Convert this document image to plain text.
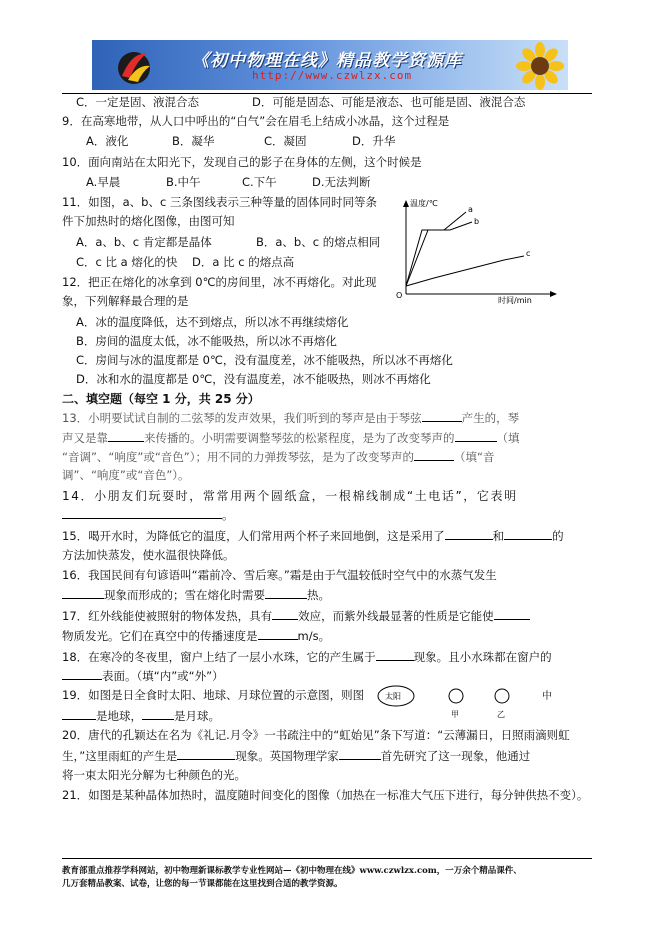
《初中物理在线》精品教学资源库
http://www.czwlzx.com
C．一定是固、液混合态	D．可能是固态、可能是液态、也可能是固、液混合态
9．在高寒地带，从人口中呼出的“白气”会在眉毛上结成小冰晶，这个过程是
A．液化	B．凝华	C．凝固	D．升华
10．面向南站在太阳光下，发现自己的影子在身体的左侧，这个时候是
A.早晨	B.中午	C.下午	D.无法判断
11．如图，a、b、c 三条图线表示三种等量的固体同时同等条
件下加热时的熔化图像，由图可知
A．a、b、c 肯定都是晶体	B．a、b、c 的熔点相同
C．c 比 a 熔化的快 D．a 比 c 的熔点高
温度/℃
时间/min
O
a
b
c
12．把正在熔化的冰拿到 0℃的房间里，冰不再熔化。对此现
象，下列解释最合理的是
A．冰的温度降低，达不到熔点，所以冰不再继续熔化
B．房间的温度太低，冰不能吸热，所以冰不再熔化
C．房间与冰的温度都是 0℃，没有温度差，冰不能吸热，所以冰不再熔化
D．冰和水的温度都是 0℃，没有温度差，冰不能吸热，则冰不再熔化
二、填空题（每空 1 分，共 25 分）
13．小明要试试自制的二弦琴的发声效果，我们听到的琴声是由于琴弦	产生的，琴
声又是靠	来传播的。小明需要调整琴弦的松紧程度，是为了改变琴声的	（填
“音调”、“响度”或“音色”）；用不同的力弹拨琴弦，是为了改变琴声的	（填“音
调”、“响度”或“音色”）。
14．小朋友们玩耍时，常常用两个圆纸盒，一根棉线制成“土电话”，它表明
。
15．喝开水时，为降低它的温度，人们常用两个杯子来回地倒，这是采用了	和	的
方法加快蒸发，使水温很快降低。
16．我国民间有句谚语叫“霜前冷、雪后寒。”霜是由于气温较低时空气中的水蒸气发生
现象而形成的；雪在熔化时需要	热。
17．红外线能使被照射的物体发热，具有 效应，而紫外线最显著的性质是它能使
物质发光。它们在真空中的传播速度是	m/s。
18．在寒冷的冬夜里，窗户上结了一层小水珠，它的产生属于	现象。且小水珠都在窗户的
表面。（填“内”或“外”）
19．如图是日全食时太阳、地球、月球位置的示意图，则图
是地球，	是月球。
太阳
甲	乙
中
20．唐代的孔颖达在名为《礼记.月令》一书疏注中的“虹始见”条下写道：“云薄漏日，日照雨滴则虹
生，”这里雨虹的产生是	现象。英国物理学家	首先研究了这一现象，他通过
将一束太阳光分解为七种颜色的光。
21．如图是某种晶体加热时，温度随时间变化的图像（加热在一标准大气压下进行，每分钟供热不变）。
教育部重点推荐学科网站，初中物理新课标教学专业性网站—《初中物理在线》www.czwlzx.com，一万余个精品课件、
几万套精品教案、试卷，让您的每一节课都能在这里找到合适的教学资源。
